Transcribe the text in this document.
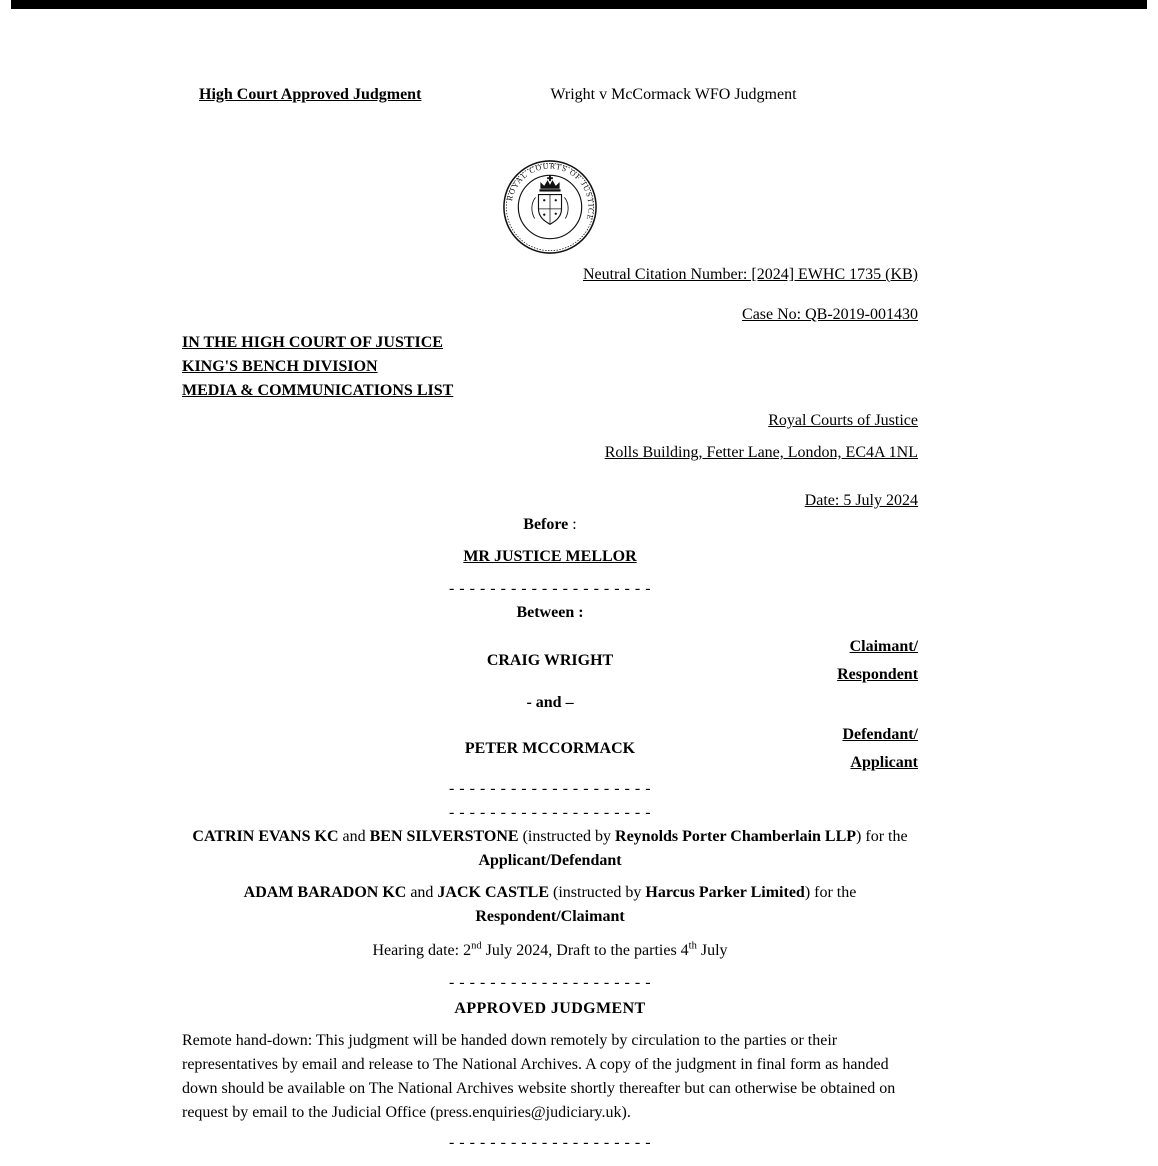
High Court Approved Judgment	Wright v McCormack WFO Judgment
ROYAL COURTS OF JUSTICE
Neutral Citation Number: [2024] EWHC 1735 (KB)
Case No: QB-2019-001430
IN THE HIGH COURT OF JUSTICE
KING'S BENCH DIVISION
MEDIA & COMMUNICATIONS LIST
Royal Courts of Justice
Rolls Building, Fetter Lane, London, EC4A 1NL
Date: 5 July 2024
Before :
MR JUSTICE MELLOR
- - - - - - - - - - - - - - - - - - - -
Between :
CRAIG WRIGHT
Claimant/
Respondent
- and –
PETER MCCORMACK
Defendant/
Applicant
- - - - - - - - - - - - - - - - - - - -
- - - - - - - - - - - - - - - - - - - -
CATRIN EVANS KC and BEN SILVERSTONE (instructed by Reynolds Porter Chamberlain LLP) for the
Applicant/Defendant
ADAM BARADON KC and JACK CASTLE (instructed by Harcus Parker Limited) for the
Respondent/Claimant
Hearing date: 2nd July 2024, Draft to the parties 4th July
- - - - - - - - - - - - - - - - - - - -
APPROVED JUDGMENT
Remote hand-down: This judgment will be handed down remotely by circulation to the parties or their representatives by email and release to The National Archives. A copy of the judgment in final form as handed down should be available on The National Archives website shortly thereafter but can otherwise be obtained on request by email to the Judicial Office (press.enquiries@judiciary.uk).
- - - - - - - - - - - - - - - - - - - -
